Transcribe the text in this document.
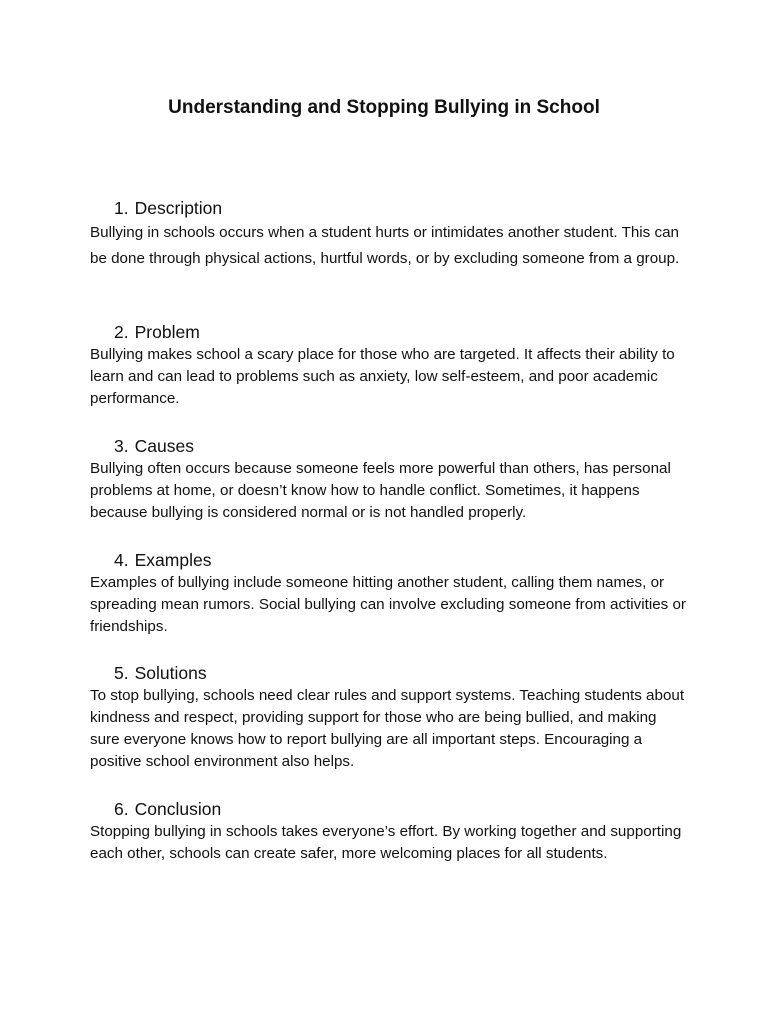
Understanding and Stopping Bullying in School
1. Description

Bullying in schools occurs when a student hurts or intimidates another student. This can be done through physical actions, hurtful words, or by excluding someone from a group.

2. Problem

Bullying makes school a scary place for those who are targeted. It affects their ability to learn and can lead to problems such as anxiety, low self-esteem, and poor academic performance.

3. Causes

Bullying often occurs because someone feels more powerful than others, has personal problems at home, or doesn’t know how to handle conflict. Sometimes, it happens because bullying is considered normal or is not handled properly.

4. Examples

Examples of bullying include someone hitting another student, calling them names, or spreading mean rumors. Social bullying can involve excluding someone from activities or friendships.

5. Solutions

To stop bullying, schools need clear rules and support systems. Teaching students about kindness and respect, providing support for those who are being bullied, and making sure everyone knows how to report bullying are all important steps. Encouraging a positive school environment also helps.

6. Conclusion

Stopping bullying in schools takes everyone’s effort. By working together and supporting each other, schools can create safer, more welcoming places for all students.
